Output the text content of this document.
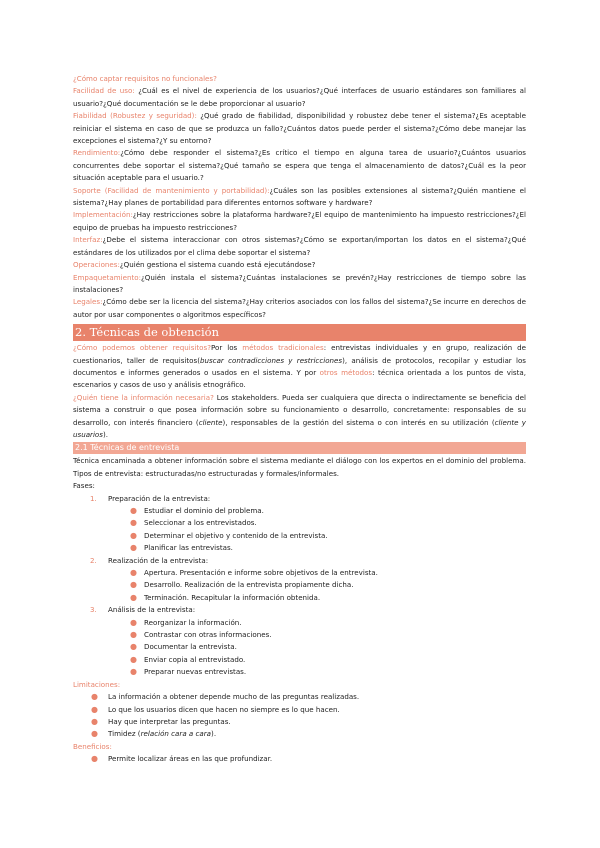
¿Cómo captar requisitos no funcionales?

Facilidad de uso: ¿Cuál es el nivel de experiencia de los usuarios?¿Qué interfaces de usuario estándares son familiares al usuario?¿Qué documentación se le debe proporcionar al usuario?

Fiabilidad (Robustez y seguridad): ¿Qué grado de fiabilidad, disponibilidad y robustez debe tener el sistema?¿Es aceptable reiniciar el sistema en caso de que se produzca un fallo?¿Cuántos datos puede perder el sistema?¿Cómo debe manejar las excepciones el sistema?¿Y su entorno?

Rendimiento:¿Cómo debe responder el sistema?¿Es crítico el tiempo en alguna tarea de usuario?¿Cuántos usuarios concurrentes debe soportar el sistema?¿Qué tamaño se espera que tenga el almacenamiento de datos?¿Cuál es la peor situación aceptable para el usuario.?

Soporte (Facilidad de mantenimiento y portabilidad):¿Cuáles son las posibles extensiones al sistema?¿Quién mantiene el sistema?¿Hay planes de portabilidad para diferentes entornos software y hardware?

Implementación:¿Hay restricciones sobre la plataforma hardware?¿El equipo de mantenimiento ha impuesto restricciones?¿El equipo de pruebas ha impuesto restricciones?

Interfaz:¿Debe el sistema interaccionar con otros sistemas?¿Cómo se exportan/importan los datos en el sistema?¿Qué estándares de los utilizados por el clima debe soportar el sistema?

Operaciones:¿Quién gestiona el sistema cuando está ejecutándose?

Empaquetamiento:¿Quién instala el sistema?¿Cuántas instalaciones se prevén?¿Hay restricciones de tiempo sobre las instalaciones?

Legales:¿Cómo debe ser la licencia del sistema?¿Hay criterios asociados con los fallos del sistema?¿Se incurre en derechos de autor por usar componentes o algoritmos específicos?

2. Técnicas de obtención

¿Cómo podemos obtener requisitos?Por los métodos tradicionales: entrevistas individuales y en grupo, realización de cuestionarios, taller de requisitos(buscar contradicciones y restricciones), análisis de protocolos, recopilar y estudiar los documentos e informes generados o usados en el sistema. Y por otros métodos: técnica orientada a los puntos de vista, escenarios y casos de uso y análisis etnográfico.

¿Quién tiene la información necesaria? Los stakeholders. Pueda ser cualquiera que directa o indirectamente se beneficia del sistema a construir o que posea información sobre su funcionamiento o desarrollo, concretamente: responsables de su desarrollo, con interés financiero (cliente), responsables de la gestión del sistema o con interés en su utilización (cliente y usuarios).

2.1 Técnicas de entrevista

Técnica encaminada a obtener información sobre el sistema mediante el diálogo con los expertos en el dominio del problema. Tipos de entrevista: estructuradas/no estructuradas y formales/informales.

Fases:

1. Preparación de la entrevista:
● Estudiar el dominio del problema.
● Seleccionar a los entrevistados.
● Determinar el objetivo y contenido de la entrevista.
● Planificar las entrevistas.
2. Realización de la entrevista:
● Apertura. Presentación e informe sobre objetivos de la entrevista.
● Desarrollo. Realización de la entrevista propiamente dicha.
● Terminación. Recapitular la información obtenida.
3. Análisis de la entrevista:
● Reorganizar la información.
● Contrastar con otras informaciones.
● Documentar la entrevista.
● Enviar copia al entrevistado.
● Preparar nuevas entrevistas.

Limitaciones:

● La información a obtener depende mucho de las preguntas realizadas.
● Lo que los usuarios dicen que hacen no siempre es lo que hacen.
● Hay que interpretar las preguntas.
● Timidez (relación cara a cara).

Beneficios:

● Permite localizar áreas en las que profundizar.
